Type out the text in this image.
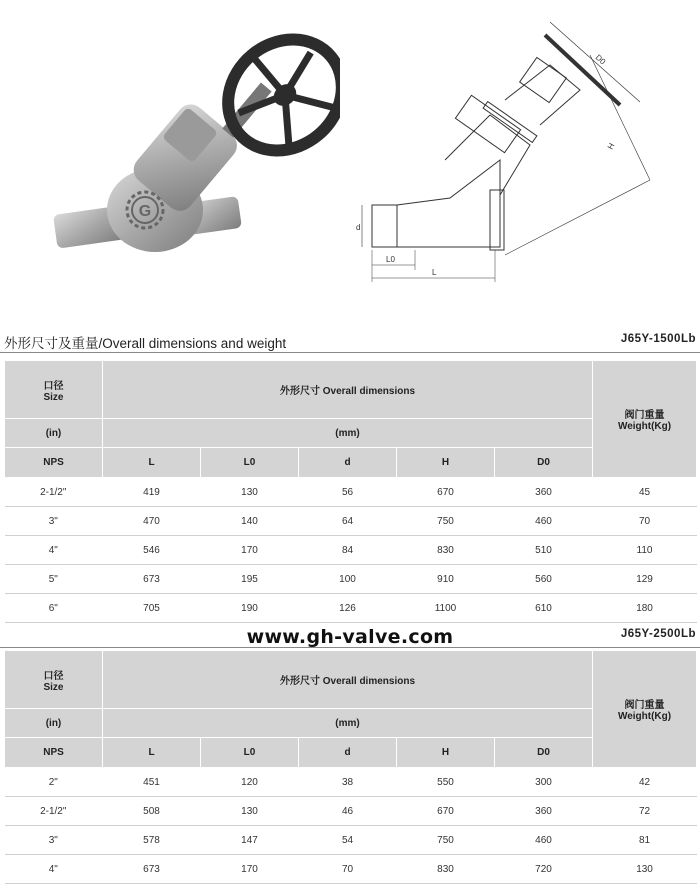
G
D0
H
d
L0
L
外形尺寸及重量/Overall dimensions and weight	J65Y-1500Lb
口径
Size	外形尺寸 Overall dimensions					阀门重量
Weight(Kg)
(in)	(mm)					
NPS	L	L0	d	H	D0	
2-1/2"	419	130	56	670	360	45
3"	470	140	64	750	460	70
4"	546	170	84	830	510	110
5"	673	195	100	910	560	129
6"	705	190	126	1100	610	180
www.gh-valve.com	J65Y-2500Lb
口径
Size	外形尺寸 Overall dimensions					阀门重量
Weight(Kg)
(in)	(mm)					
NPS	L	L0	d	H	D0	
2"	451	120	38	550	300	42
2-1/2"	508	130	46	670	360	72
3"	578	147	54	750	460	81
4"	673	170	70	830	720	130
